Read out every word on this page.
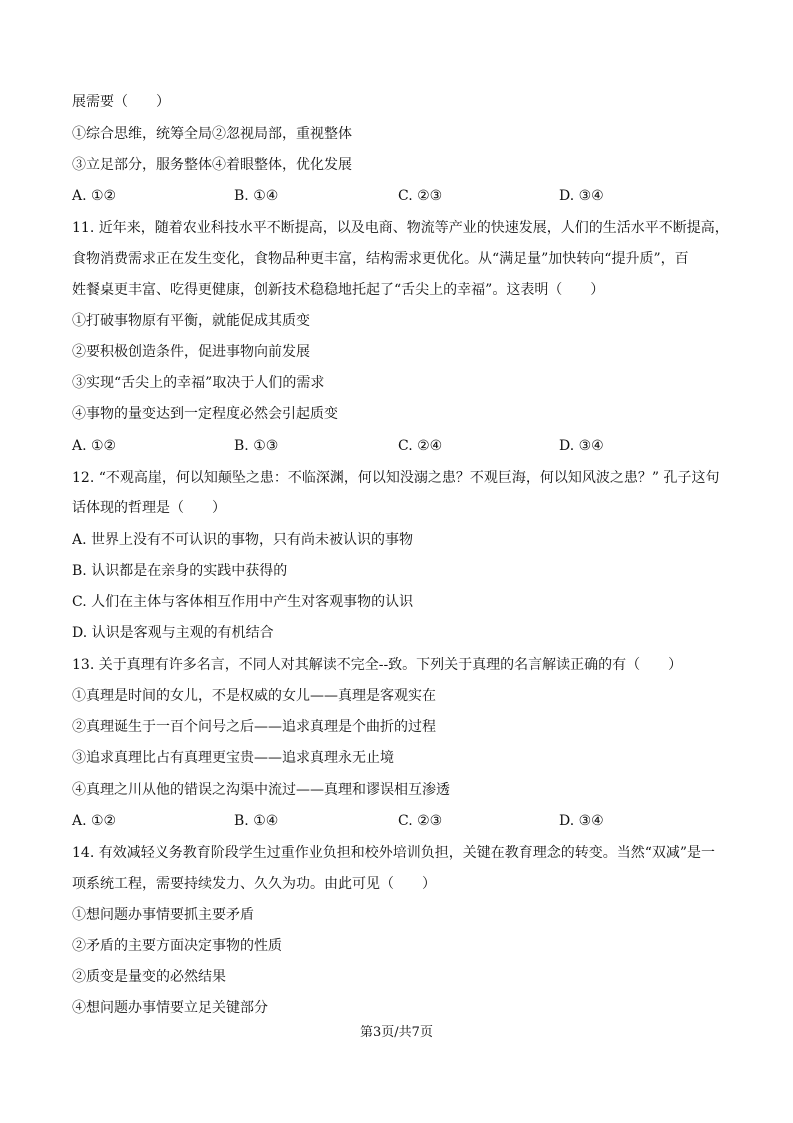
展需要（　　）
①综合思维，统筹全局②忽视局部，重视整体
③立足部分，服务整体④着眼整体，优化发展
A. ①②	B. ①④	C. ②③	D. ③④
11. 近年来，随着农业科技水平不断提高，以及电商、物流等产业的快速发展，人们的生活水平不断提高，
食物消费需求正在发生变化，食物品种更丰富，结构需求更优化。从“满足量”加快转向“提升质”，百
姓餐桌更丰富、吃得更健康，创新技术稳稳地托起了“舌尖上的幸福”。这表明（　　）
①打破事物原有平衡，就能促成其质变
②要积极创造条件，促进事物向前发展
③实现“舌尖上的幸福”取决于人们的需求
④事物的量变达到一定程度必然会引起质变
A. ①②	B. ①③	C. ②④	D. ③④
12. “不观高崖，何以知颠坠之患：不临深渊，何以知没溺之患？不观巨海，何以知风波之患？” 孔子这句
话体现的哲理是（　　）
A. 世界上没有不可认识的事物，只有尚未被认识的事物
B. 认识都是在亲身的实践中获得的
C. 人们在主体与客体相互作用中产生对客观事物的认识
D. 认识是客观与主观的有机结合
13. 关于真理有许多名言，不同人对其解读不完全--致。下列关于真理的名言解读正确的有（　　）
①真理是时间的女儿，不是权威的女儿——真理是客观实在
②真理诞生于一百个问号之后——追求真理是个曲折的过程
③追求真理比占有真理更宝贵——追求真理永无止境
④真理之川从他的错误之沟渠中流过——真理和谬误相互渗透
A. ①②	B. ①④	C. ②③	D. ③④
14. 有效减轻义务教育阶段学生过重作业负担和校外培训负担，关键在教育理念的转变。当然“双减”是一
项系统工程，需要持续发力、久久为功。由此可见（　　）
①想问题办事情要抓主要矛盾
②矛盾的主要方面决定事物的性质
②质变是量变的必然结果
④想问题办事情要立足关键部分
第3页/共7页
